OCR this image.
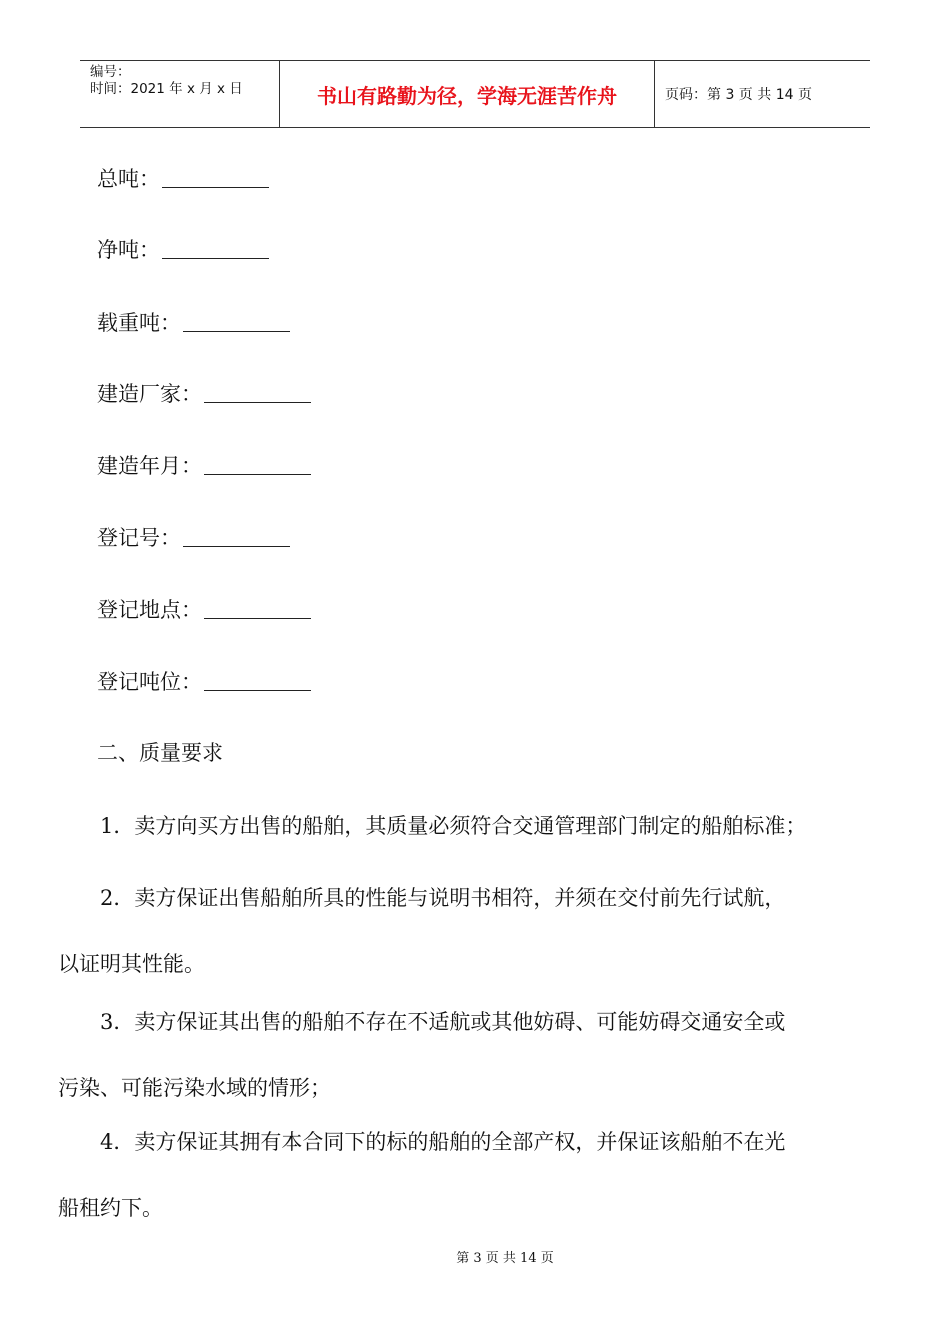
编号：
时间：2021 年 x 月 x 日	书山有路勤为径，学海无涯苦作舟	页码：第 3 页 共 14 页
总吨：
净吨：
载重吨：
建造厂家：
建造年月：
登记号：
登记地点：
登记吨位：
二、质量要求
　　1．卖方向买方出售的船舶，其质量必须符合交通管理部门制定的船舶标准；
　　2．卖方保证出售船舶所具的性能与说明书相符，并须在交付前先行试航，
以证明其性能。
　　3．卖方保证其出售的船舶不存在不适航或其他妨碍、可能妨碍交通安全或
污染、可能污染水域的情形；
　　4．卖方保证其拥有本合同下的标的船舶的全部产权，并保证该船舶不在光
船租约下。
第 3 页 共 14 页
